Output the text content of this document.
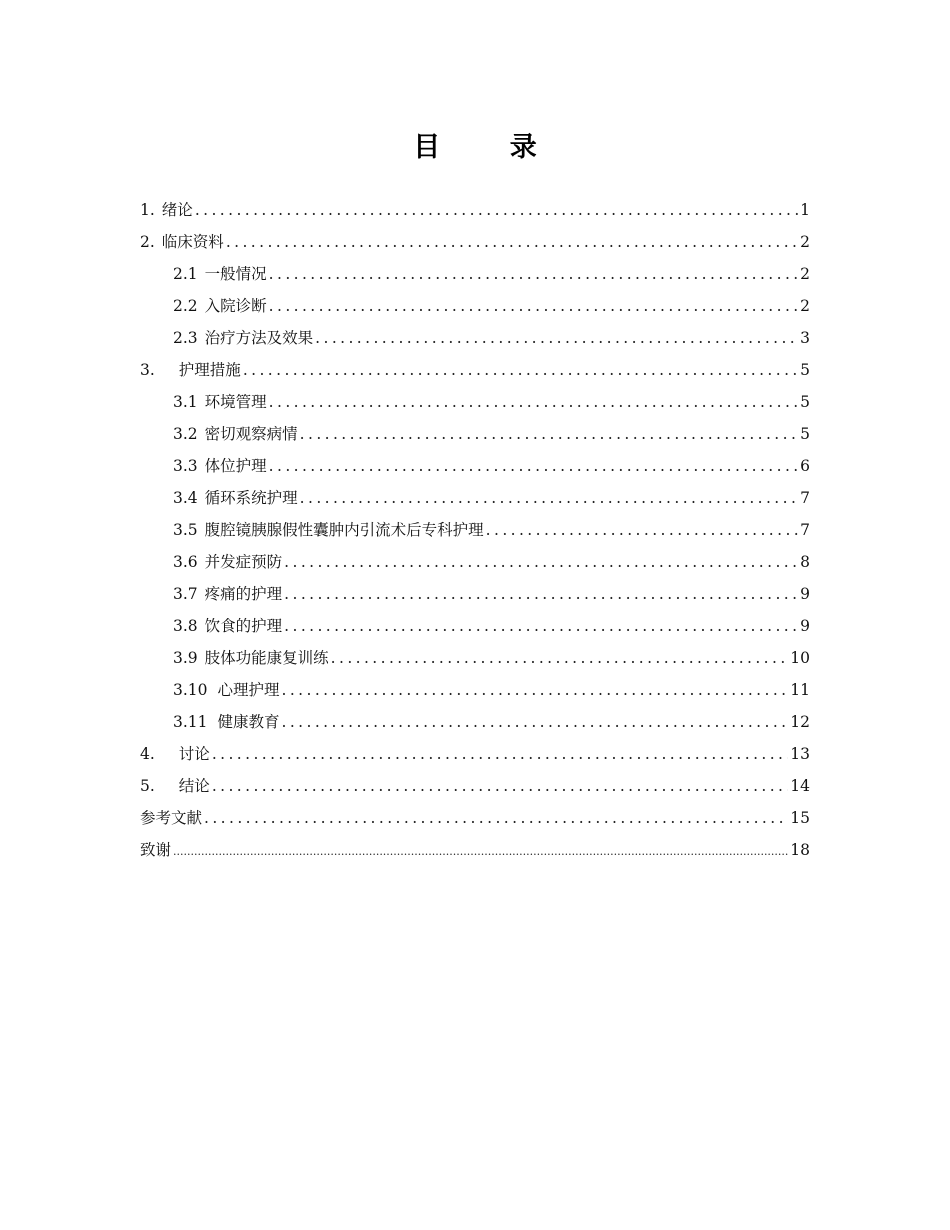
目 录
1. 绪论 .....	1
2. 临床资料 .....	2
2.1 一般情况 .....	2
2.2 入院诊断 .....	2
2.3 治疗方法及效果 .....	3
3. 护理措施 .....	5
3.1 环境管理 .....	5
3.2 密切观察病情 .....	5
3.3 体位护理 .....	6
3.4 循环系统护理 .....	7
3.5 腹腔镜胰腺假性囊肿内引流术后专科护理 .....	7
3.6 并发症预防 .....	8
3.7 疼痛的护理 .....	9
3.8 饮食的护理 .....	9
3.9 肢体功能康复训练 .....	10
3.10 心理护理 .....	11
3.11 健康教育 .....	12
4. 讨论 .....	13
5. 结论 .....	14
参考文献 .....	15
致谢 .....	18
